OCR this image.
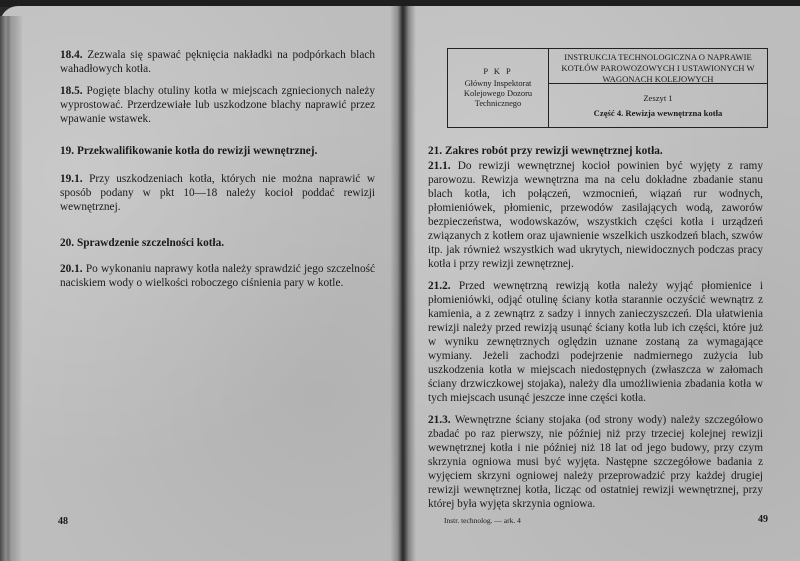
18.4. Zezwala się spawać pęknięcia nakładki na podpórkach blach wahadłowych kotła.

18.5. Pogięte blachy otuliny kotła w miejscach zgniecionych należy wyprostować. Przerdzewiałe lub uszkodzone blachy naprawić przez wpawanie wstawek.

19. Przekwalifikowanie kotła do rewizji wewnętrznej.

19.1. Przy uszkodzeniach kotła, których nie można naprawić w sposób podany w pkt 10—18 należy kocioł poddać rewizji wewnętrznej.

20. Sprawdzenie szczelności kotła.

20.1. Po wykonaniu naprawy kotła należy sprawdzić jego szczelność naciskiem wody o wielkości roboczego ciśnienia pary w kotle.

48

21. Zakres robót przy rewizji wewnętrznej kotła.

21.1. Do rewizji wewnętrznej kocioł powinien być wyjęty z ramy parowozu. Rewizja wewnętrzna ma na celu dokładne zbadanie stanu blach kotła, ich połączeń, wzmocnień, wiązań rur wodnych, płomieniówek, płomienic, przewodów zasilających wodą, zaworów bezpieczeństwa, wodowskazów, wszystkich części kotła i urządzeń związanych z kotłem oraz ujawnienie wszelkich uszkodzeń blach, szwów itp. jak również wszystkich wad ukrytych, niewidocznych podczas pracy kotła i przy rewizji zewnętrznej.

21.2. Przed wewnętrzną rewizją kotła należy wyjąć płomienice i płomieniówki, odjąć otulinę ściany kotła starannie oczyścić wewnątrz z kamienia, a z zewnątrz z sadzy i innych zanieczyszczeń. Dla ułatwienia rewizji należy przed rewizją usunąć ściany kotła lub ich części, które już w wyniku zewnętrznych oględzin uznane zostaną za wymagające wymiany. Jeżeli zachodzi podejrzenie nadmiernego zużycia lub uszkodzenia kotła w miejscach niedostępnych (zwłaszcza w załomach ściany drzwiczkowej stojaka), należy dla umożliwienia zbadania kotła w tych miejscach usunąć jeszcze inne części kotła.

21.3. Wewnętrzne ściany stojaka (od strony wody) należy szczegółowo zbadać po raz pierwszy, nie później niż przy trzeciej kolejnej rewizji wewnętrznej kotła i nie później niż 18 lat od jego budowy, przy czym skrzynia ogniowa musi być wyjęta. Następne szczegółowe badania z wyjęciem skrzyni ogniowej należy przeprowadzić przy każdej drugiej rewizji wewnętrznej kotła, licząc od ostatniej rewizji wewnętrznej, przy której była wyjęta skrzynia ogniowa.

Instr. technolog. — ark. 4	49
P K P
Główny Inspektorat
Kolejowego Dozoru
Technicznego
INSTRUKCJA TECHNOLOGICZNA O NAPRAWIE KOTŁÓW PAROWOZOWYCH I USTAWIONYCH W WAGONACH KOLEJOWYCH
Zeszyt 1
Część 4. Rewizja wewnętrzna kotła
